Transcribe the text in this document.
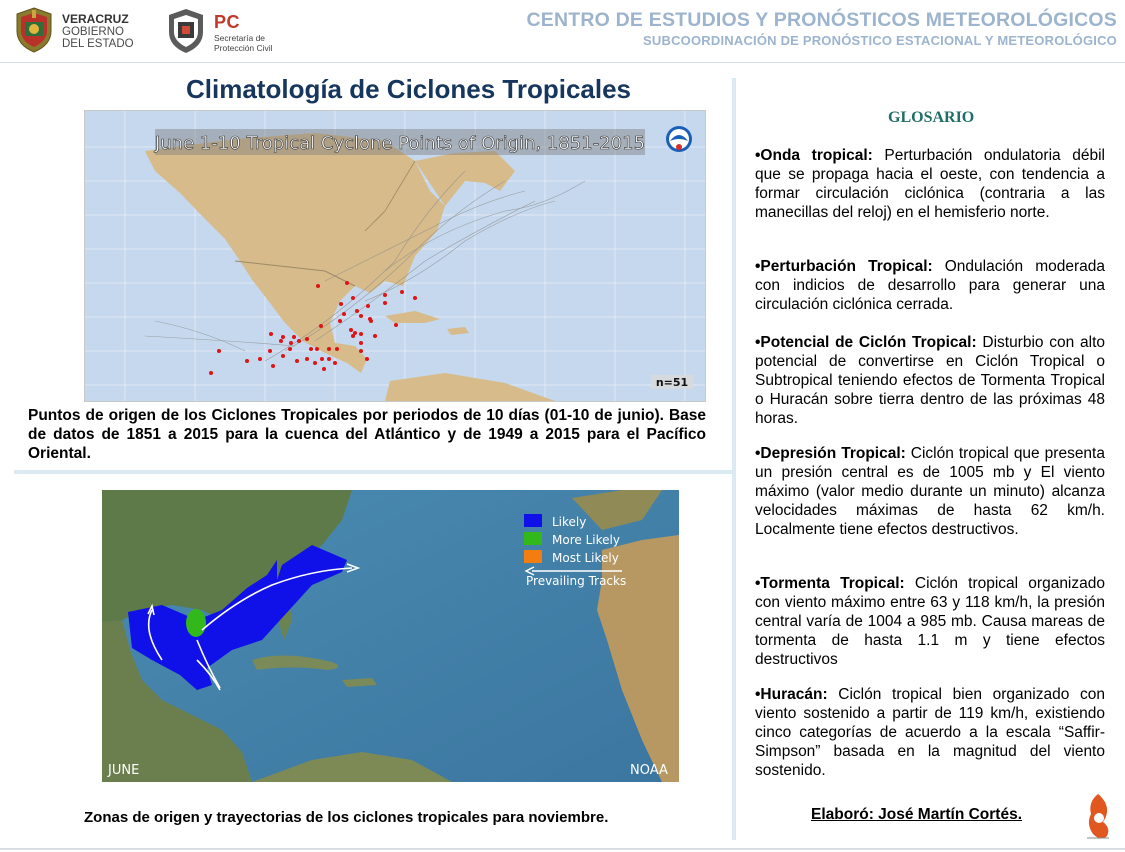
VERACRUZ
GOBIERNO
DEL ESTADO
PC
Secretaría de
Protección Civil
CENTRO DE ESTUDIOS Y PRONÓSTICOS METEOROLÓGICOS
SUBCOORDINACIÓN DE PRONÓSTICO ESTACIONAL Y METEOROLÓGICO
Climatología de Ciclones Tropicales
June 1-10 Tropical Cyclone Points of Origin, 1851-2015
n=51
Puntos de origen de los Ciclones Tropicales por periodos de 10 días (01-10 de junio). Base de datos de 1851 a 2015 para la cuenca del Atlántico y de 1949 a 2015 para el Pacífico Oriental.
Likely
More Likely
Most Likely
Prevailing Tracks
JUNE	NOAA
Zonas de origen y trayectorias de los ciclones tropicales para noviembre.
GLOSARIO
•Onda tropical: Perturbación ondulatoria débil que se propaga hacia el oeste, con tendencia a formar circulación ciclónica (contraria a las manecillas del reloj) en el hemisferio norte.
•Perturbación Tropical: Ondulación moderada con indicios de desarrollo para generar una circulación ciclónica cerrada.
•Potencial de Ciclón Tropical: Disturbio con alto potencial de convertirse en Ciclón Tropical o Subtropical teniendo efectos de Tormenta Tropical o Huracán sobre tierra dentro de las próximas 48 horas.
•Depresión Tropical: Ciclón tropical que presenta un presión central es de 1005 mb y El viento máximo (valor medio durante un minuto) alcanza velocidades máximas de hasta 62 km/h. Localmente tiene efectos destructivos.
•Tormenta Tropical: Ciclón tropical organizado con viento máximo entre 63 y 118 km/h, la presión central varía de 1004 a 985 mb. Causa mareas de tormenta de hasta 1.1 m y tiene efectos destructivos
•Huracán: Ciclón tropical bien organizado con viento sostenido a partir de 119 km/h, existiendo cinco categorías de acuerdo a la escala “Saffir-Simpson” basada en la magnitud del viento sostenido.
Elaboró: José Martín Cortés.
